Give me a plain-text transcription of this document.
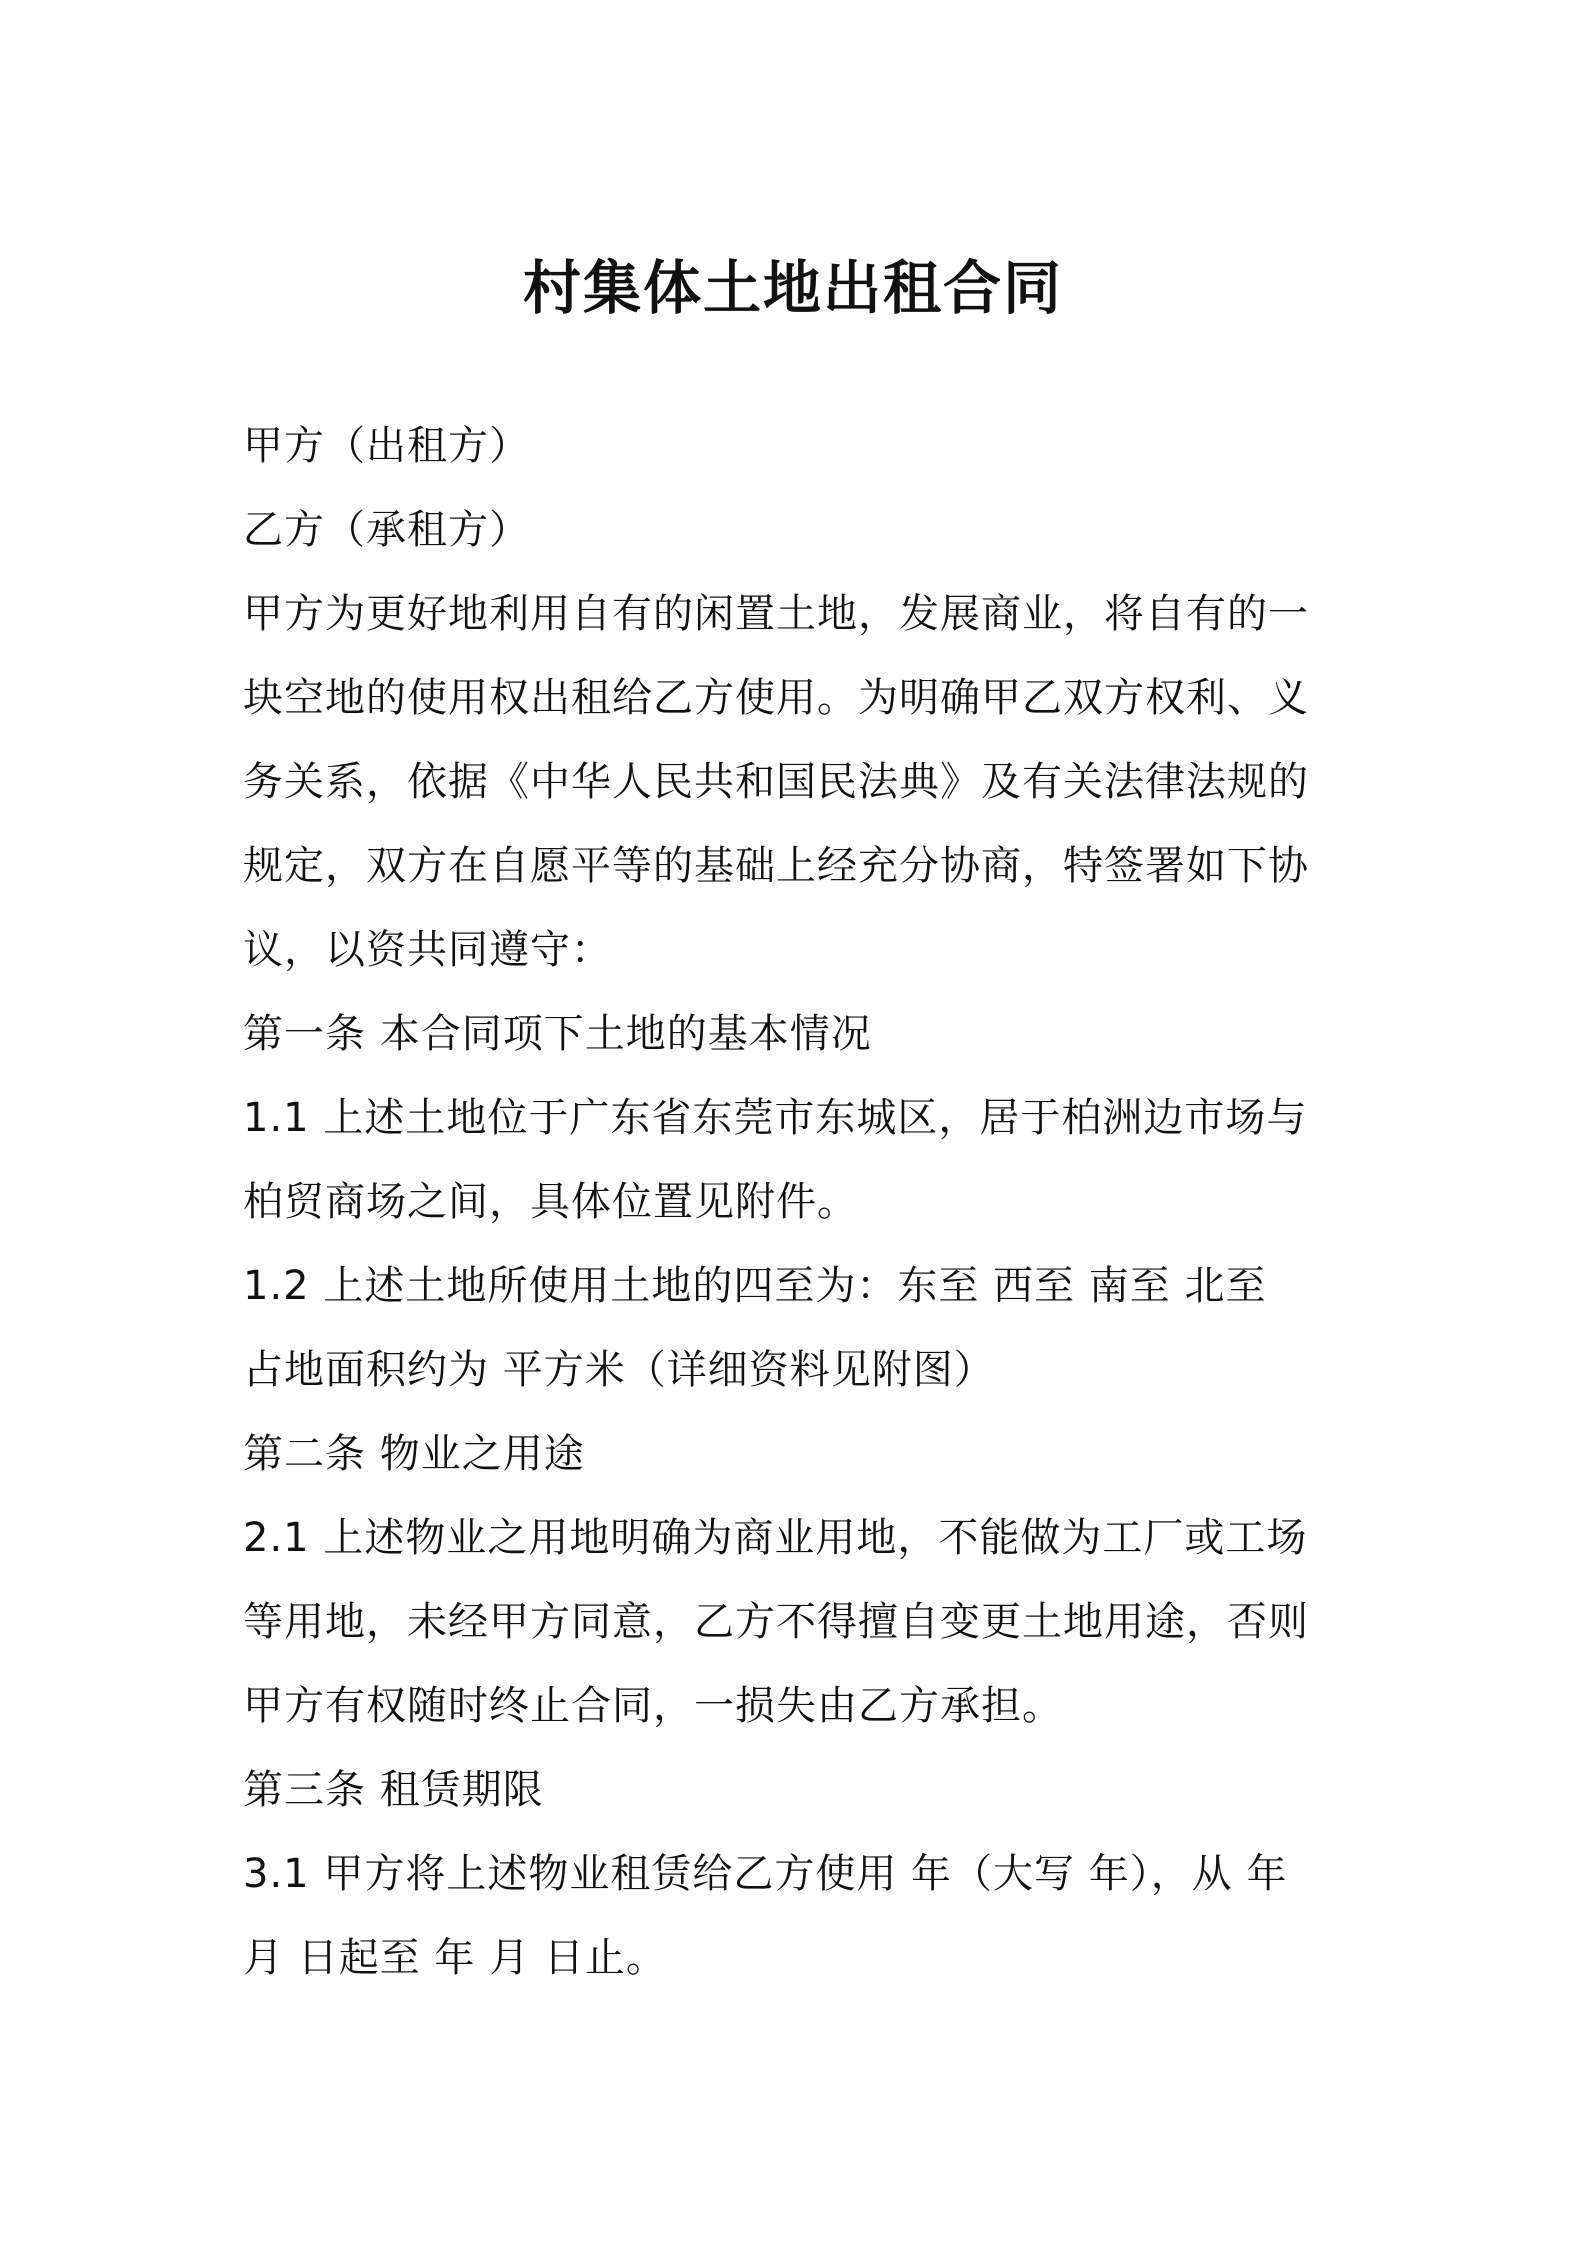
村集体土地出租合同
甲方（出租方）
乙方（承租方）
甲方为更好地利用自有的闲置土地，发展商业，将自有的一
块空地的使用权出租给乙方使用。为明确甲乙双方权利、义
务关系，依据《中华人民共和国民法典》及有关法律法规的
规定，双方在自愿平等的基础上经充分协商，特签署如下协
议，以资共同遵守：
第一条 本合同项下土地的基本情况
1.1 上述土地位于广东省东莞市东城区，居于柏洲边市场与
柏贸商场之间，具体位置见附件。
1.2 上述土地所使用土地的四至为：东至 西至 南至 北至
占地面积约为 平方米（详细资料见附图）
第二条 物业之用途
2.1 上述物业之用地明确为商业用地，不能做为工厂或工场
等用地，未经甲方同意，乙方不得擅自变更土地用途，否则
甲方有权随时终止合同，一损失由乙方承担。
第三条 租赁期限
3.1 甲方将上述物业租赁给乙方使用 年（大写 年），从 年
月 日起至 年 月 日止。
